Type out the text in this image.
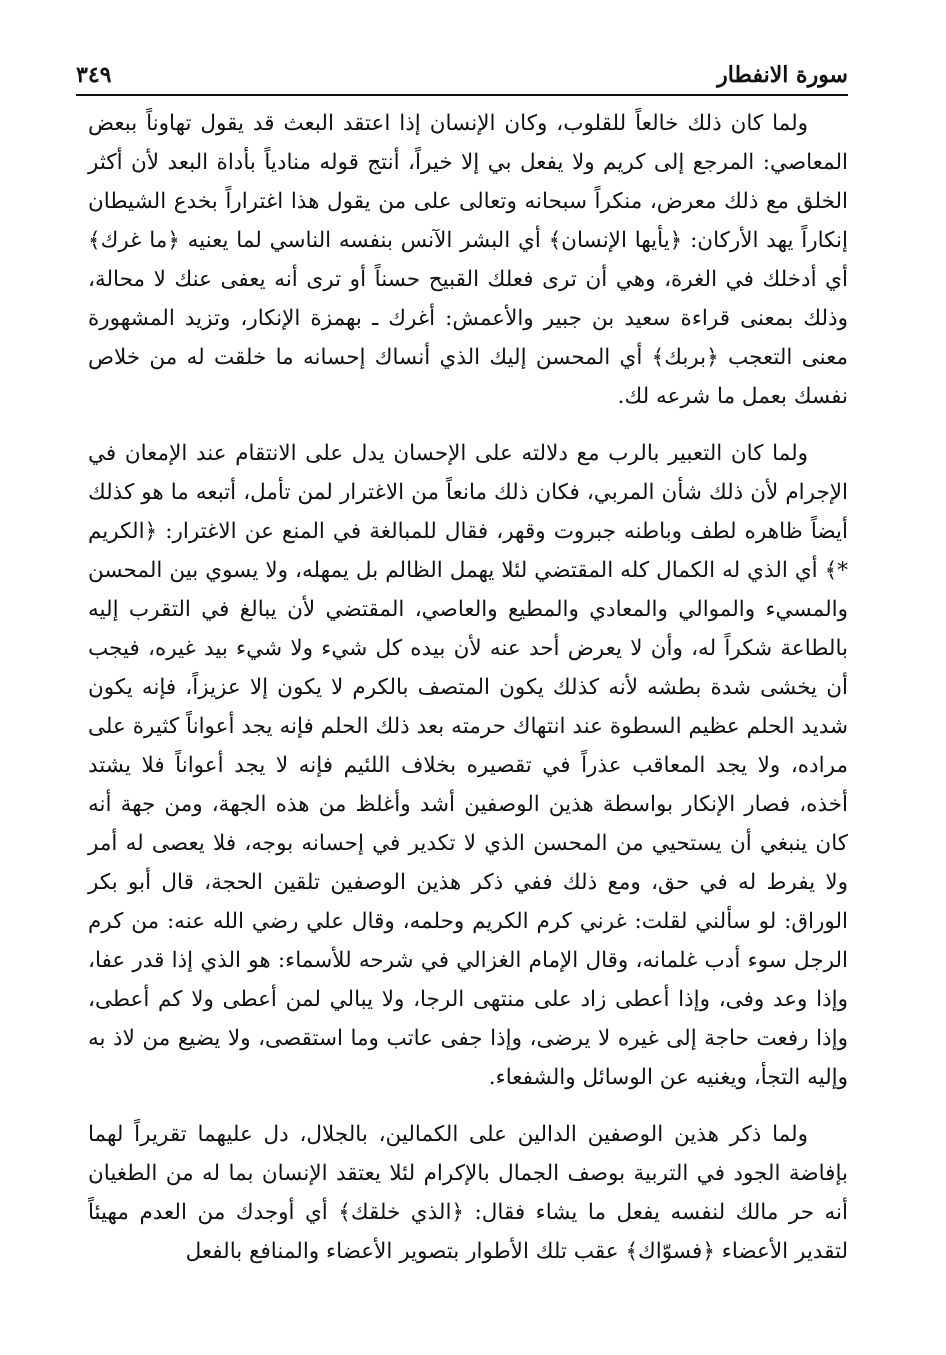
سورة الانفطار
٣٤٩

ولما كان ذلك خالعاً للقلوب، وكان الإنسان إذا اعتقد البعث قد يقول تهاوناً ببعض المعاصي: المرجع إلى كريم ولا يفعل بي إلا خيراً، أنتج قوله منادياً بأداة البعد لأن أكثر الخلق مع ذلك معرض، منكراً سبحانه وتعالى على من يقول هذا اغتراراً بخدع الشيطان إنكاراً يهد الأركان: ﴿يأيها الإنسان﴾ أي البشر الآنس بنفسه الناسي لما يعنيه ﴿ما غرك﴾ أي أدخلك في الغرة، وهي أن ترى فعلك القبيح حسناً أو ترى أنه يعفى عنك لا محالة، وذلك بمعنى قراءة سعيد بن جبير والأعمش: أغرك ـ بهمزة الإنكار، وتزيد المشهورة معنى التعجب ﴿بربك﴾ أي المحسن إليك الذي أنساك إحسانه ما خلقت له من خلاص نفسك بعمل ما شرعه لك.

ولما كان التعبير بالرب مع دلالته على الإحسان يدل على الانتقام عند الإمعان في الإجرام لأن ذلك شأن المربي، فكان ذلك مانعاً من الاغترار لمن تأمل، أتبعه ما هو كذلك أيضاً ظاهره لطف وباطنه جبروت وقهر، فقال للمبالغة في المنع عن الاغترار: ﴿الكريم *﴾ أي الذي له الكمال كله المقتضي لئلا يهمل الظالم بل يمهله، ولا يسوي بين المحسن والمسيء والموالي والمعادي والمطيع والعاصي، المقتضي لأن يبالغ في التقرب إليه بالطاعة شكراً له، وأن لا يعرض أحد عنه لأن بيده كل شيء ولا شيء بيد غيره، فيجب أن يخشى شدة بطشه لأنه كذلك يكون المتصف بالكرم لا يكون إلا عزيزاً، فإنه يكون شديد الحلم عظيم السطوة عند انتهاك حرمته بعد ذلك الحلم فإنه يجد أعواناً كثيرة على مراده، ولا يجد المعاقب عذراً في تقصيره بخلاف اللئيم فإنه لا يجد أعواناً فلا يشتد أخذه، فصار الإنكار بواسطة هذين الوصفين أشد وأغلظ من هذه الجهة، ومن جهة أنه كان ينبغي أن يستحيي من المحسن الذي لا تكدير في إحسانه بوجه، فلا يعصى له أمر ولا يفرط له في حق، ومع ذلك ففي ذكر هذين الوصفين تلقين الحجة، قال أبو بكر الوراق: لو سألني لقلت: غرني كرم الكريم وحلمه، وقال علي رضي الله عنه: من كرم الرجل سوء أدب غلمانه، وقال الإمام الغزالي في شرحه للأسماء: هو الذي إذا قدر عفا، وإذا وعد وفى، وإذا أعطى زاد على منتهى الرجا، ولا يبالي لمن أعطى ولا كم أعطى، وإذا رفعت حاجة إلى غيره لا يرضى، وإذا جفى عاتب وما استقصى، ولا يضيع من لاذ به وإليه التجأ، ويغنيه عن الوسائل والشفعاء.

ولما ذكر هذين الوصفين الدالين على الكمالين، بالجلال، دل عليهما تقريراً لهما بإفاضة الجود في التربية بوصف الجمال بالإكرام لئلا يعتقد الإنسان بما له من الطغيان أنه حر مالك لنفسه يفعل ما يشاء فقال: ﴿الذي خلقك﴾ أي أوجدك من العدم مهيئاً لتقدير الأعضاء ﴿فسوّاك﴾ عقب تلك الأطوار بتصوير الأعضاء والمنافع بالفعل
